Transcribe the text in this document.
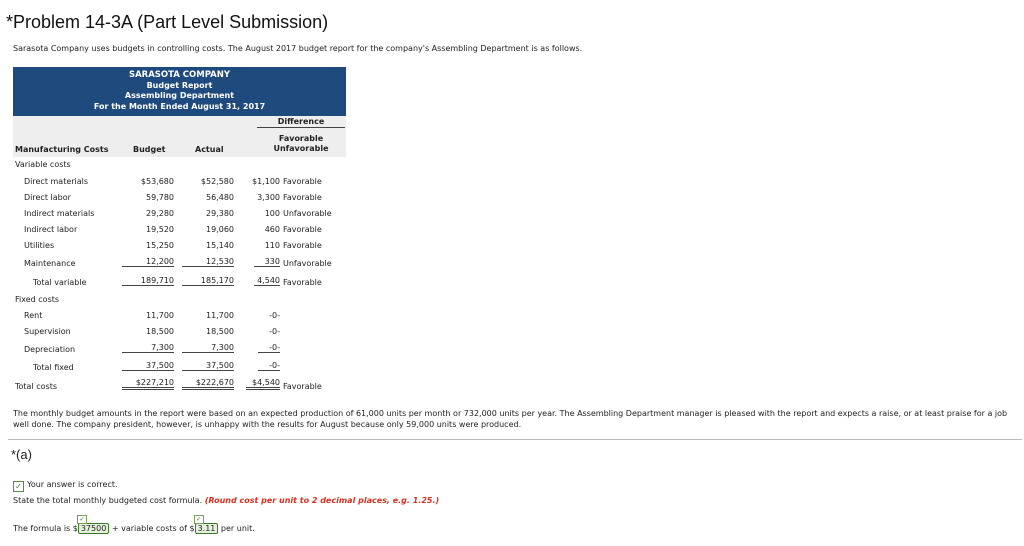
*Problem 14-3A (Part Level Submission)
Sarasota Company uses budgets in controlling costs. The August 2017 budget report for the company's Assembling Department is as follows.
SARASOTA COMPANY
Budget Report
Assembling Department
For the Month Ended August 31, 2017
Difference
Favorable
Unfavorable
Manufacturing Costs	Budget	Actual
Variable costs
Direct materials	$53,680	$52,580	$1,100 Favorable
Direct labor	59,780	56,480	3,300 Favorable
Indirect materials	29,280	29,380	100 Unfavorable
Indirect labor	19,520	19,060	460 Favorable
Utilities	15,250	15,140	110 Favorable
Maintenance	12,200	12,530	330 Unfavorable
Total variable	189,710	185,170	4,540 Favorable
Fixed costs
Rent	11,700	11,700	-0-
Supervision	18,500	18,500	-0-
Depreciation	7,300	7,300	-0-
Total fixed	37,500	37,500	-0-
Total costs	$227,210	$222,670	$4,540 Favorable
The monthly budget amounts in the report were based on an expected production of 61,000 units per month or 732,000 units per year. The Assembling Department manager is pleased with the report and expects a raise, or at least praise for a job well done. The company president, however, is unhappy with the results for August because only 59,000 units were produced.
*(a)
✓ Your answer is correct.
State the total monthly budgeted cost formula. (Round cost per unit to 2 decimal places, e.g. 1.25.)
The formula is $
✓
37500 + variable costs of $
✓
3.11 per unit.
